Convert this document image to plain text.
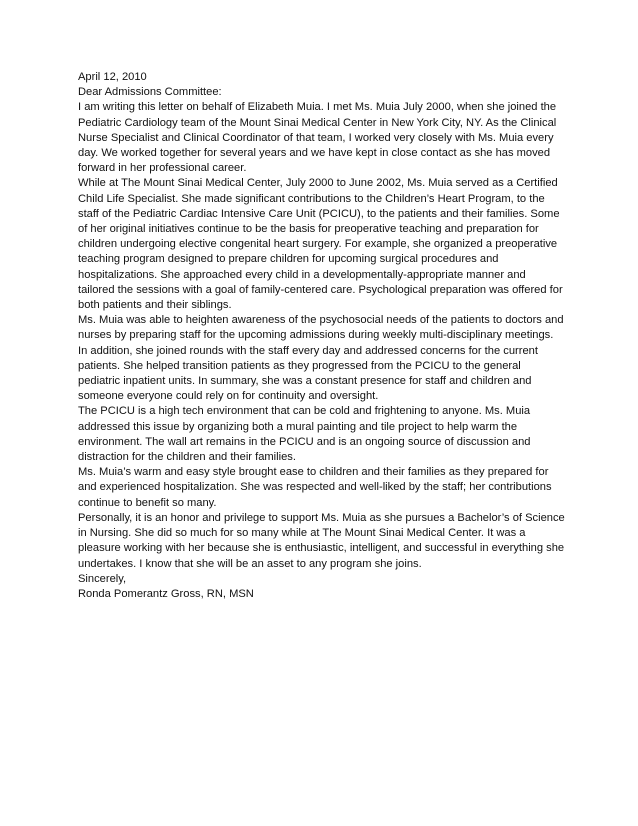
April 12, 2010

Dear Admissions Committee:

I am writing this letter on behalf of Elizabeth Muia. I met Ms. Muia July 2000, when she joined the Pediatric Cardiology team of the Mount Sinai Medical Center in New York City, NY. As the Clinical Nurse Specialist and Clinical Coordinator of that team, I worked very closely with Ms. Muia every day. We worked together for several years and we have kept in close contact as she has moved forward in her professional career.

While at The Mount Sinai Medical Center, July 2000 to June 2002, Ms. Muia served as a Certified Child Life Specialist. She made significant contributions to the Children’s Heart Program, to the staff of the Pediatric Cardiac Intensive Care Unit (PCICU), to the patients and their families. Some of her original initiatives continue to be the basis for preoperative teaching and preparation for children undergoing elective congenital heart surgery. For example, she organized a preoperative teaching program designed to prepare children for upcoming surgical procedures and hospitalizations. She approached every child in a developmentally-appropriate manner and tailored the sessions with a goal of family-centered care. Psychological preparation was offered for both patients and their siblings.

Ms. Muia was able to heighten awareness of the psychosocial needs of the patients to doctors and nurses by preparing staff for the upcoming admissions during weekly multi-disciplinary meetings. In addition, she joined rounds with the staff every day and addressed concerns for the current patients. She helped transition patients as they progressed from the PCICU to the general pediatric inpatient units. In summary, she was a constant presence for staff and children and someone everyone could rely on for continuity and oversight.

The PCICU is a high tech environment that can be cold and frightening to anyone. Ms. Muia addressed this issue by organizing both a mural painting and tile project to help warm the environment. The wall art remains in the PCICU and is an ongoing source of discussion and distraction for the children and their families.

Ms. Muia’s warm and easy style brought ease to children and their families as they prepared for and experienced hospitalization. She was respected and well-liked by the staff; her contributions continue to benefit so many.

Personally, it is an honor and privilege to support Ms. Muia as she pursues a Bachelor’s of Science in Nursing. She did so much for so many while at The Mount Sinai Medical Center. It was a pleasure working with her because she is enthusiastic, intelligent, and successful in everything she undertakes. I know that she will be an asset to any program she joins.

Sincerely,

Ronda Pomerantz Gross, RN, MSN
